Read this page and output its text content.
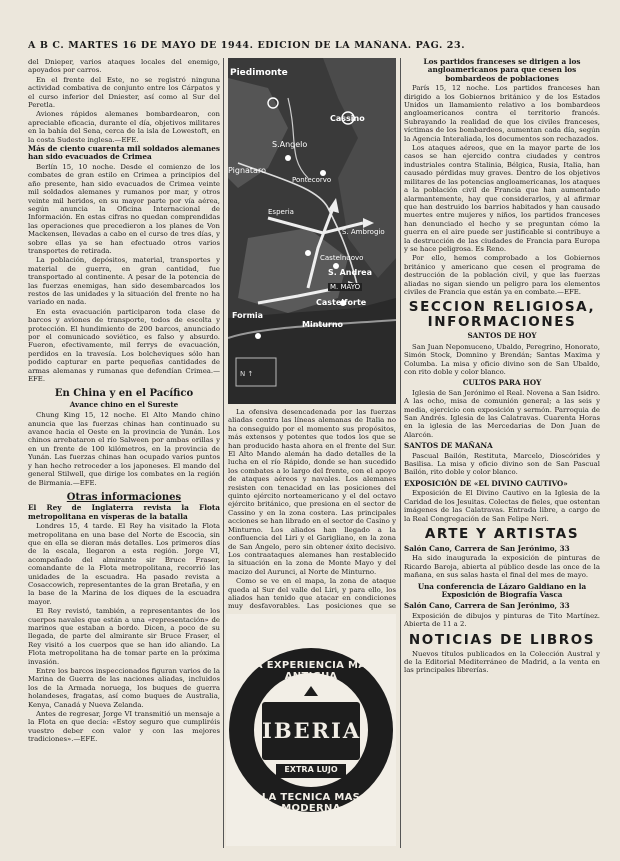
A B C. MARTES 16 DE MAYO DE 1944. EDICION DE LA MAÑANA. PAG. 23.

del Dnieper, varios ataques locales del enemigo, apoyados por carros.

En el frente del Este, no se registró ninguna actividad combativa de conjunto entre los Cárpatos y el curso inferior del Dniester, así como al Sur del Peretla.

Aviones rápidos alemanes bombardearon, con apreciable eficacia, durante el día, objetivos militares en la bahía del Sena, cerca de la isla de Lowestoft, en la costa Sudeste inglesa.—EFE.

Más de ciento cuarenta mil soldados alemanes han sido evacuados de Crimea

Berlín 15, 10 noche. Desde el comienzo de los combates de gran estilo en Crimea a principios del año presente, han sido evacuados de Crimea veinte mil soldados alemanes y rumanos por mar, y otros veinte mil heridos, en su mayor parte por vía aérea, según anuncia la Oficina Internacional de Información. En estas cifras no quedan comprendidas las operaciones que precedieron a los planes de Von Mackensen, llevadas a cabo en el curso de tres días, y sobre ellas ya se han efectuado otros varios transportes de retirada.

La población, depósitos, material, transportes y material de guerra, en gran cantidad, fue transportado al continente. A pesar de la potencia de las fuerzas enemigas, han sido desembarcados los restos de las unidades y la situación del frente no ha variado en nada.

En esta evacuación participaron toda clase de barcos y aviones de transporte, todos de escolta y protección. El hundimiento de 200 barcos, anunciado por el comunicado soviético, es falso y absurdo. Fueron, efectivamente, mil ferrys de evacuación, perdidos en la travesía. Los bolcheviques sólo han podido capturar en parte pequeñas cantidades de armas alemanas y rumanas que defendían Crimea.—EFE.

En China y en el Pacífico
Avance chino en el Sureste

Chung King 15, 12 noche. El Alto Mando chino anuncia que las fuerzas chinas han continuado su avance hacia el Oeste en la provincia de Yunán. Los chinos arrebataron el río Salween por ambas orillas y en un frente de 100 kilómetros, en la provincia de Yunán. Las fuerzas chinas han ocupado varios puntos y han hecho retroceder a los japoneses. El mando del general Stilwell, que dirige los combates en la región de Birmania.—EFE.

Otras informaciones

El Rey de Inglaterra revista la Flota metropolitana en vísperas de la batalla

Londres 15, 4 tarde. El Rey ha visitado la Flota metropolitana en una base del Norte de Escocia, sin que en ella se dieran más detalles. Los primeros días de la escala, llegaron a esta región. Jorge VI, acompañado del almirante sir Bruce Fraser, comandante de la Flota metropolitana, recorrió las unidades de la escuadra. Ha pasado revista a Cosaccowich, representantes de la gran Bretaña, y en la base de la Marina de los diques de la escuadra mayor.

El Rey revistó, también, a representantes de los cuerpos navales que están a una «representación» de marinos que estaban a bordo. Dicen, a poco de su llegada, de parte del almirante sir Bruce Fraser, el Rey visitó a los cuerpos que se han ido aliando. La Flota metropolitana ha de tomar parte en la próxima invasión.

Entre los barcos inspeccionados figuran varios de la Marina de Guerra de las naciones aliadas, incluidos los de la Armada noruega, los buques de guerra holandeses, fragatas, así como buques de Australia, Kenya, Canadá y Nueva Zelanda.

Antes de regresar, Jorge VI transmitió un mensaje a la Flota en que decía: «Estoy seguro que cumpliréis vuestro deber con valor y con las mejores tradiciones».—EFE.

N ↑
Piedimonte
Cassino
S.Angelo
Pignataro
Pontecorvo
Esperia
Castelnuovo
Formia
S. Andrea
M. MAYO
Castelforte
Minturno
S. Ambrogio

La ofensiva desencadenada por las fuerzas aliadas contra las líneas alemanas de Italia no ha conseguido por el momento sus propósitos, más extensos y potentes que todos los que se han producido hasta ahora en el frente del Sur. El Alto Mando alemán ha dado detalles de la lucha en el río Rápido, donde se han sucedido los combates a lo largo del frente, con el apoyo de ataques aéreos y navales. Los alemanes resisten con tenacidad en las posiciones del quinto ejército norteamericano y el del octavo ejército británico, que presiona en el sector de Cassino y en la zona costera. Las principales acciones se han librado en el sector de Casino y Minturno. Los aliados han llegado a la confluencia del Liri y el Garigliano, en la zona de San Ángelo, pero sin obtener éxito decisivo. Los contraataques alemanes han restablecido la situación en la zona de Monte Mayo y del macizo del Aurunci, al Norte de Minturno.

Como se ve en el mapa, la zona de ataque queda al Sur del valle del Liri, y para ello, los aliados han tenido que atacar en condiciones muy desfavorables. Las posiciones que se

LA EXPERIENCIA MAS ANTIGUA
IBERIA
EXTRA LUJO
LA TECNICA MAS MODERNA

Los partidos franceses se dirigen a los angloamericanos para que cesen los bombardeos de poblaciones

París 15, 12 noche. Los partidos franceses han dirigido a los Gobiernos británico y de los Estados Unidos un llamamiento relativo a los bombardeos angloamericanos contra el territorio francés. Subrayando la realidad de que los civiles franceses, víctimas de los bombardeos, aumentan cada día, según la Agencia Interaliada, los documentos son rechazados.

Los ataques aéreos, que en la mayor parte de los casos se han ejercido contra ciudades y centros industriales contra Stalinia, Bélgica, Rusia, Italia, han causado pérdidas muy graves. Dentro de los objetivos militares de las potencias angloamericanas, los ataques a la población civil de Francia que han aumentado alarmantemente, hay que considerarlos, y al afirmar que han destruido los barrios habitados y han causado muertes entre mujeres y niños, los partidos franceses han denunciado el hecho y se preguntan cómo la guerra en el aire puede ser justificable si contribuye a la destrucción de las ciudades de Francia para Europa y se hace peligrosa. Es Reno.

Por ello, hemos comprobado a los Gobiernos británico y americano que cesen el programa de destrucción de la población civil, y que las fuerzas aliadas no sigan siendo un peligro para los elementos civiles de Francia que están ya en combate.—EFE.

SECCION RELIGIOSA, INFORMACIONES
SANTOS DE HOY

San Juan Nepomuceno, Ubaldo, Peregrino, Honorato, Simón Stock, Domnino y Brendán; Santas Maxima y Columba. La misa y oficio divino son de San Ubaldo, con rito doble y color blanco.

CULTOS PARA HOY

Iglesia de San Jerónimo el Real. Novena a San Isidro. A las ocho, misa de comunión general; a las seis y media, ejercicio con exposición y sermón. Parroquia de San Andrés. Iglesia de las Calatravas. Cuarenta Horas en la iglesia de las Mercedarias de Don Juan de Alarcón.

SANTOS DE MAÑANA

Pascual Bailón, Restituta, Marcelo, Dioscórides y Basilisa. La misa y oficio divino son de San Pascual Bailón, rito doble y color blanco.

EXPOSICIÓN DE «EL DIVINO CAUTIVO»

Exposición de El Divino Cautivo en la Iglesia de la Caridad de los Jesuitas. Colectas de fieles, que ostentan imágenes de las Calatravas. Entrada libre, a cargo de la Real Congregación de San Felipe Neri.

ARTE Y ARTISTAS

Salón Cano, Carrera de San Jerónimo, 33

Ha sido inaugurada la exposición de pinturas de Ricardo Baroja, abierta al público desde las once de la mañana, en sus salas hasta el final del mes de mayo.

Una conferencia de Lázaro Galdiano en la Exposición de Biografía Vasca

Salón Cano, Carrera de San Jerónimo, 33

Exposición de dibujos y pinturas de Tito Martínez. Abierta de 11 a 2.

NOTICIAS DE LIBROS

Nuevos títulos publicados en la Colección Austral y de la Editorial Mediterráneo de Madrid, a la venta en las principales librerías.
